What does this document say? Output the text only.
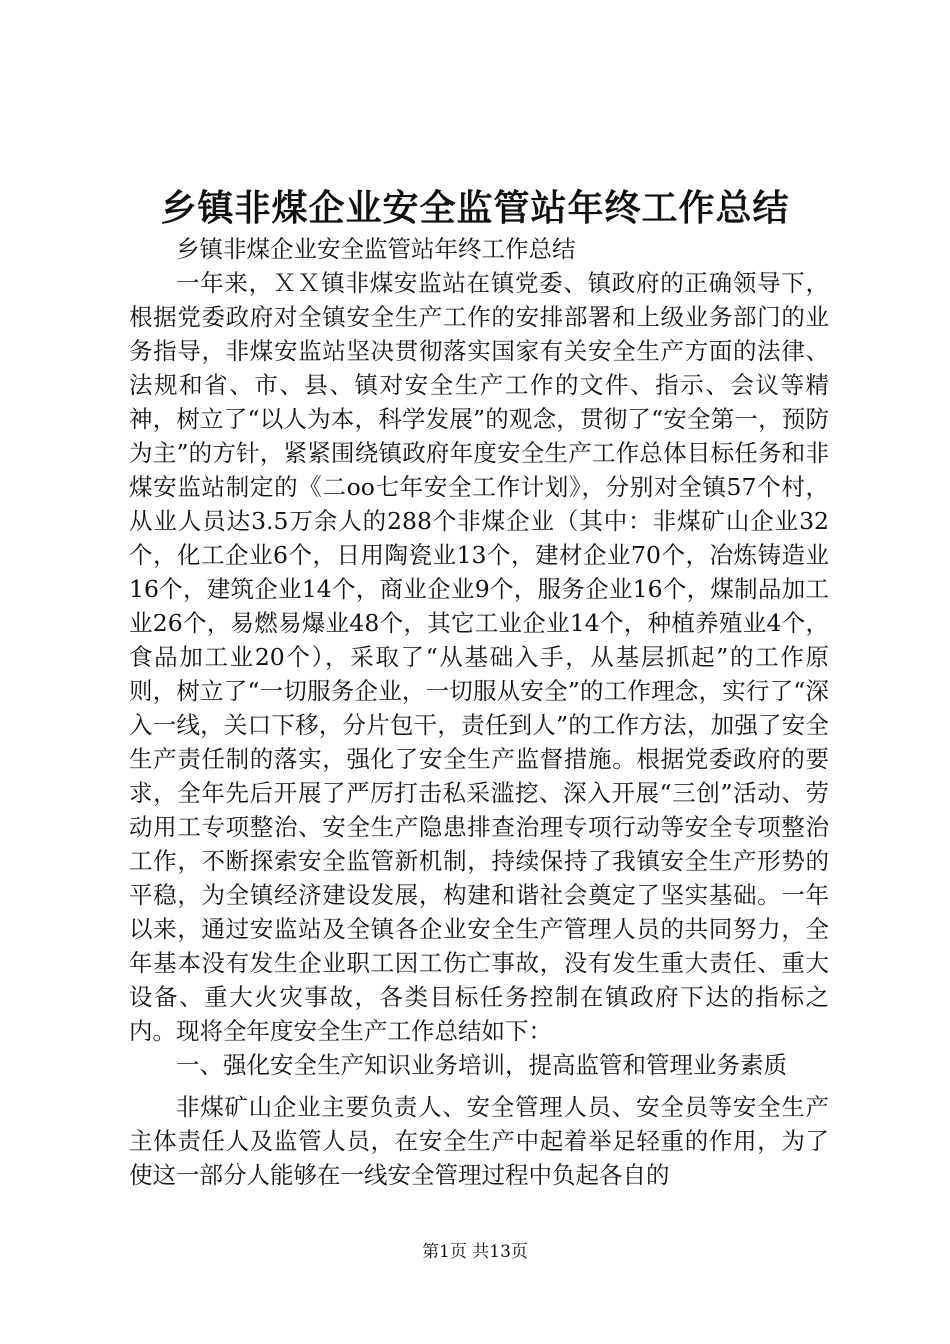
乡镇非煤企业安全监管站年终工作总结

乡镇非煤企业安全监管站年终工作总结

一年来，ＸＸ镇非煤安监站在镇党委、镇政府的正确领导下，根据党委政府对全镇安全生产工作的安排部署和上级业务部门的业务指导，非煤安监站坚决贯彻落实国家有关安全生产方面的法律、法规和省、市、县、镇对安全生产工作的文件、指示、会议等精神，树立了“以人为本，科学发展”的观念，贯彻了“安全第一，预防为主”的方针，紧紧围绕镇政府年度安全生产工作总体目标任务和非煤安监站制定的《二oo七年安全工作计划》，分别对全镇57个村，从业人员达3.5万余人的288个非煤企业（其中：非煤矿山企业32个，化工企业6个，日用陶瓷业13个，建材企业70个，冶炼铸造业16个，建筑企业14个，商业企业9个，服务企业16个，煤制品加工业26个，易燃易爆业48个，其它工业企业14个，种植养殖业4个，食品加工业20个），采取了“从基础入手，从基层抓起”的工作原则，树立了“一切服务企业，一切服从安全”的工作理念，实行了“深入一线，关口下移，分片包干，责任到人”的工作方法，加强了安全生产责任制的落实，强化了安全生产监督措施。根据党委政府的要求，全年先后开展了严厉打击私采滥挖、深入开展“三创”活动、劳动用工专项整治、安全生产隐患排查治理专项行动等安全专项整治工作，不断探索安全监管新机制，持续保持了我镇安全生产形势的平稳，为全镇经济建设发展，构建和谐社会奠定了坚实基础。一年以来，通过安监站及全镇各企业安全生产管理人员的共同努力，全年基本没有发生企业职工因工伤亡事故，没有发生重大责任、重大设备、重大火灾事故，各类目标任务控制在镇政府下达的指标之内。现将全年度安全生产工作总结如下：

一、强化安全生产知识业务培训，提高监管和管理业务素质

非煤矿山企业主要负责人、安全管理人员、安全员等安全生产主体责任人及监管人员，在安全生产中起着举足轻重的作用，为了使这一部分人能够在一线安全管理过程中负起各自的

第1页 共13页
